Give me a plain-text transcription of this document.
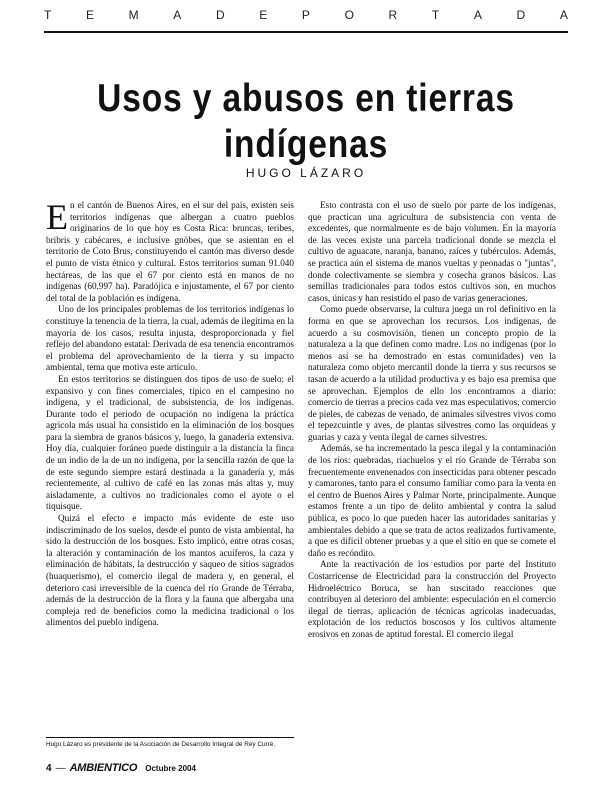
T	E	M	A	D	E	P	O	R	T	A	D	A
Usos y abusos en tierras indígenas
HUGO LÁZARO

En el cantón de Buenos Aires, en el sur del país, existen seis territorios indígenas que albergan a cuatro pueblos originarios de lo que hoy es Costa Rica: bruncas, teribes, bribris y cabécares, e inclusive gnöbes, que se asientan en el territorio de Coto Brus, constituyendo el cantón mas diverso desde el punto de vista étnico y cultural. Estos territorios suman 91.040 hectáreas, de las que el 67 por ciento está en manos de no indígenas (60.997 ha). Paradójica e injustamente, el 67 por ciento del total de la población es indígena.

Uno de los principales problemas de los territorios indígenas lo constituye la tenencia de la tierra, la cual, además de ilegítima en la mayoría de los casos, resulta injusta, desproporcionada y fiel reflejo del abandono estatal: Derivada de esa tenencia encontramos el problema del aprovechamiento de la tierra y su impacto ambiental, tema que motiva este artículo.

En estos territorios se distinguen dos tipos de uso de suelo: el expansivo y con fines comerciales, típico en el campesino no indígena, y el tradicional, de subsistencia, de los indígenas. Durante todo el periodo de ocupación no indígena la práctica agrícola más usual ha consistido en la eliminación de los bosques para la siembra de granos básicos y, luego, la ganadería extensiva. Hoy día, cualquier foráneo puede distinguir a la distancia la finca de un indio de la de un no indígena, por la sencilla razón de que la de este segundo siempre estará destinada a la ganadería y, más recientemente, al cultivo de café en las zonas más altas y, muy aisladamente, a cultivos no tradicionales como el ayote o el tiquisque.

Quizá el efecto e impacto más evidente de este uso indiscriminado de los suelos, desde el punto de vista ambiental, ha sido la destrucción de los bosques. Esto implicó, entre otras cosas, la alteración y contaminación de los mantos acuíferos, la caza y eliminación de hábitats, la destrucción y saqueo de sitios sagrados (huaquerismo), el comercio ilegal de madera y, en general, el deterioro casi irreversible de la cuenca del río Grande de Térraba, además de la destrucción de la flora y la fauna que albergaba una compleja red de beneficios como la medicina tradicional o los alimentos del pueblo indígena.

Esto contrasta con el uso de suelo por parte de los indígenas, que practican una agricultura de subsistencia con venta de excedentes, que normalmente es de bajo volumen. En la mayoría de las veces existe una parcela tradicional donde se mezcla el cultivo de aguacate, naranja, banano, raíces y tubérculos. Además, se practica aún el sistema de manos vueltas y peonadas o "juntas", donde colectivamente se siembra y cosecha granos básicos. Las semillas tradicionales para todos estos cultivos son, en muchos casos, únicas y han resistido el paso de varias generaciones.

Como puede observarse, la cultura juega un rol definitivo en la forma en que se aprovechan los recursos. Los indígenas, de acuerdo a su cosmovisión, tienen un concepto propio de la naturaleza a la que definen como madre. Los no indígenas (por lo menos así se ha demostrado en estas comunidades) ven la naturaleza como objeto mercantil donde la tierra y sus recursos se tasan de acuerdo a la utilidad productiva y es bajo esa premisa que se aprovechan. Ejemplos de ello los encontramos a diario: comercio de tierras a precios cada vez mas especulativos, comercio de pieles, de cabezas de venado, de animales silvestres vivos como el tepezcuintle y aves, de plantas silvestres como las orquídeas y guarias y caza y venta ilegal de carnes silvestres.

Además, se ha incrementado la pesca ilegal y la contaminación de los ríos: quebradas, riachuelos y el río Grande de Térraba son frecuentemente envenenados con insecticidas para obtener pescado y camarones, tanto para el consumo familiar como para la venta en el centro de Buenos Aires y Palmar Norte, principalmente. Aunque estamos frente a un tipo de delito ambiental y contra la salud pública, es poco lo que pueden hacer las autoridades sanitarias y ambientales debido a que se trata de actos realizados furtivamente, a que es difícil obtener pruebas y a que el sitio en que se comete el daño es recóndito.

Ante la reactivación de los estudios por parte del Instituto Costarricense de Electricidad para la construcción del Proyecto Hidroeléctrico Boruca, se han suscitado reacciones que contribuyen al deterioro del ambiente: especulación en el comercio ilegal de tierras, aplicación de técnicas agrícolas inadecuadas, explotación de los reductos boscosos y los cultivos altamente erosivos en zonas de aptitud forestal. El comercio ilegal

Hugo Lázaro es presidente de la Asociación de Desarrollo Integral de Rey Curré.
4 — AMBIENTICO Octubre 2004
